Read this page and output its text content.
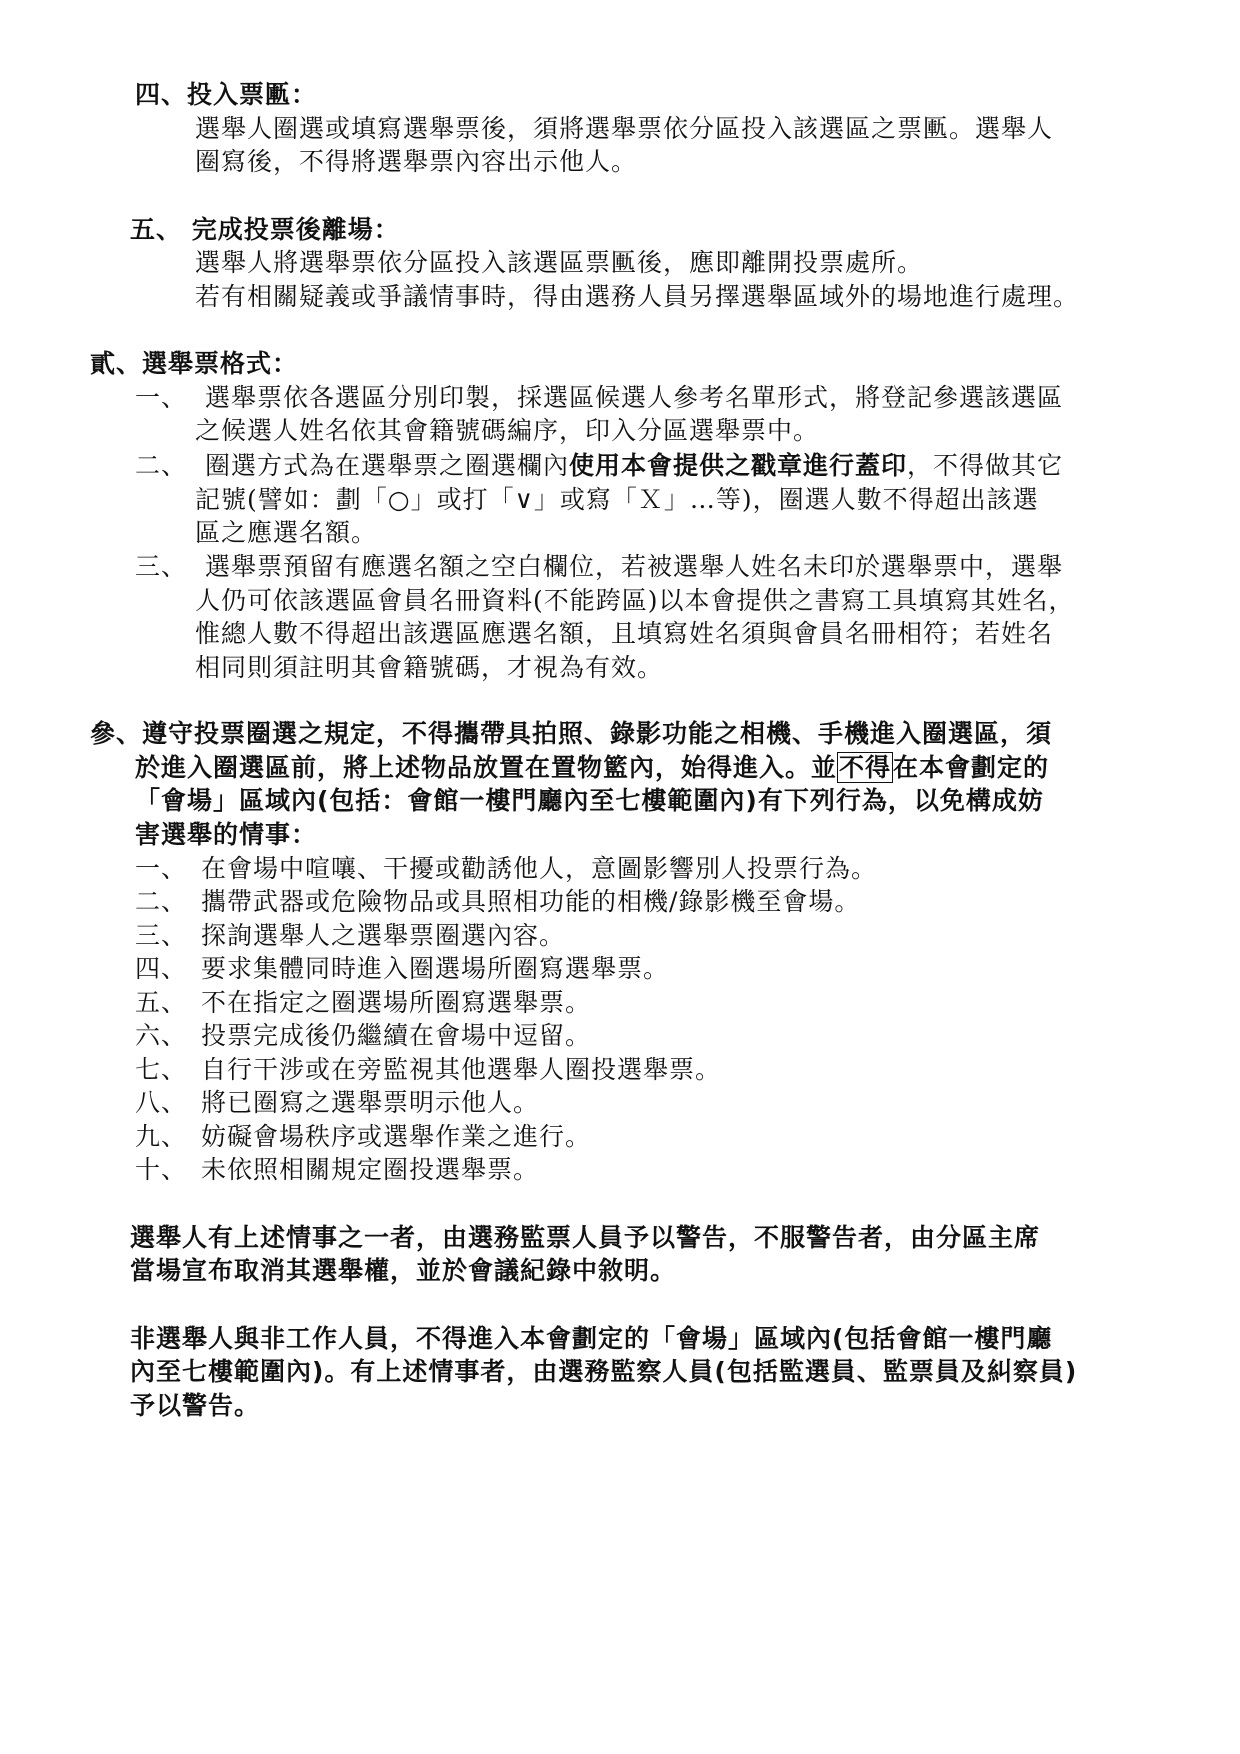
四、投入票匭：
選舉人圈選或填寫選舉票後，須將選舉票依分區投入該選區之票匭。選舉人
圈寫後，不得將選舉票內容出示他人。
五、 完成投票後離場：
選舉人將選舉票依分區投入該選區票匭後，應即離開投票處所。
若有相關疑義或爭議情事時，得由選務人員另擇選舉區域外的場地進行處理。
貳、選舉票格式：
一、 選舉票依各選區分別印製，採選區候選人參考名單形式，將登記參選該選區
之候選人姓名依其會籍號碼編序，印入分區選舉票中。
二、 圈選方式為在選舉票之圈選欄內使用本會提供之戳章進行蓋印，不得做其它
記號(譬如：劃「○」或打「∨」或寫「Ｘ」…等)，圈選人數不得超出該選
區之應選名額。
三、 選舉票預留有應選名額之空白欄位，若被選舉人姓名未印於選舉票中，選舉
人仍可依該選區會員名冊資料(不能跨區)以本會提供之書寫工具填寫其姓名，
惟總人數不得超出該選區應選名額，且填寫姓名須與會員名冊相符；若姓名
相同則須註明其會籍號碼，才視為有效。
參、遵守投票圈選之規定，不得攜帶具拍照、錄影功能之相機、手機進入圈選區，須
於進入圈選區前，將上述物品放置在置物籃內，始得進入。並不得在本會劃定的
「會場」區域內(包括：會館一樓門廳內至七樓範圍內)有下列行為，以免構成妨
害選舉的情事：
一、 在會場中喧嚷、干擾或勸誘他人，意圖影響別人投票行為。
二、 攜帶武器或危險物品或具照相功能的相機/錄影機至會場。
三、 探詢選舉人之選舉票圈選內容。
四、 要求集體同時進入圈選場所圈寫選舉票。
五、 不在指定之圈選場所圈寫選舉票。
六、 投票完成後仍繼續在會場中逗留。
七、 自行干涉或在旁監視其他選舉人圈投選舉票。
八、 將已圈寫之選舉票明示他人。
九、 妨礙會場秩序或選舉作業之進行。
十、 未依照相關規定圈投選舉票。
選舉人有上述情事之一者，由選務監票人員予以警告，不服警告者，由分區主席
當場宣布取消其選舉權，並於會議紀錄中敘明。
非選舉人與非工作人員，不得進入本會劃定的「會場」區域內(包括會館一樓門廳
內至七樓範圍內)。有上述情事者，由選務監察人員(包括監選員、監票員及糾察員)
予以警告。
